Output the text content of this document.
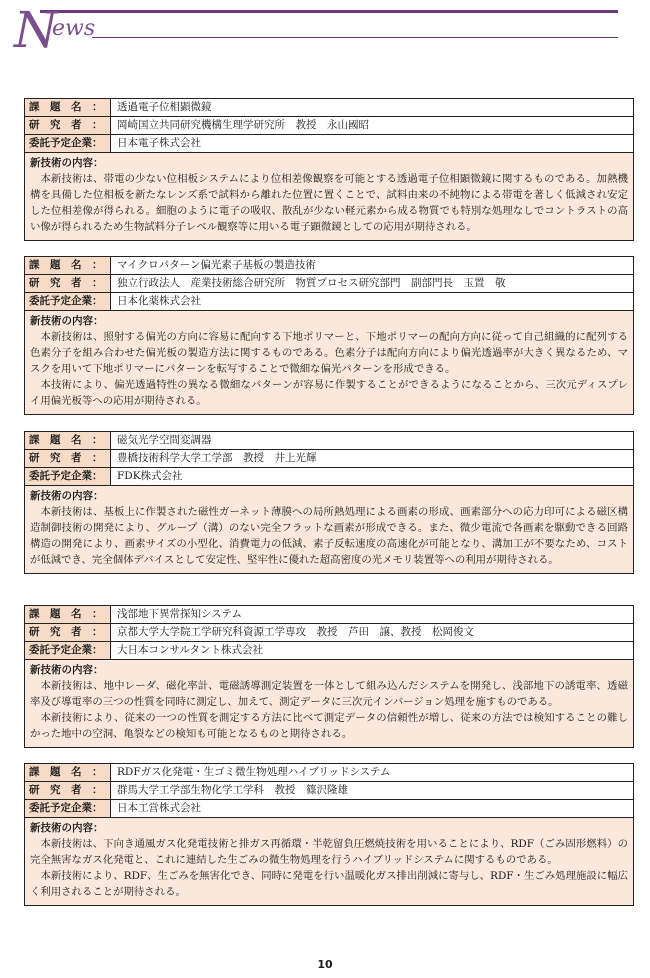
N
ews
課　題　名　：	透過電子位相顕微鏡
研　究　者　：	岡崎国立共同研究機構生理学研究所　教授　永山國昭
委託予定企業：	日本電子株式会社
新技術の内容：

本新技術は、帯電の少ない位相板システムにより位相差像観察を可能とする透過電子位相顕微鏡に関するものである。加熱機構を具備した位相板を新たなレンズ系で試料から離れた位置に置くことで、試料由来の不純物による帯電を著しく低減され安定した位相差像が得られる。細胞のように電子の吸収、散乱が少ない軽元素から成る物質でも特別な処理なしでコントラストの高い像が得られるため生物試料分子レベル観察等に用いる電子顕微鏡としての応用が期待される。

課　題　名　：	マイクロパターン偏光素子基板の製造技術
研　究　者　：	独立行政法人　産業技術総合研究所　物質プロセス研究部門　副部門長　玉置　敬
委託予定企業：	日本化薬株式会社
新技術の内容：

本新技術は、照射する偏光の方向に容易に配向する下地ポリマーと、下地ポリマーの配向方向に従って自己組織的に配列する色素分子を組み合わせた偏光板の製造方法に関するものである。色素分子は配向方向により偏光透過率が大きく異なるため、マスクを用いて下地ポリマーにパターンを転写することで微細な偏光パターンを形成できる。

本技術により、偏光透過特性の異なる微細なパターンが容易に作製することができるようになることから、三次元ディスプレイ用偏光板等への応用が期待される。

課　題　名　：	磁気光学空間変調器
研　究　者　：	豊橋技術科学大学工学部　教授　井上光輝
委託予定企業：	FDK株式会社
新技術の内容：

本新技術は、基板上に作製された磁性ガーネット薄膜への局所熱処理による画素の形成、画素部分への応力印可による磁区構造制御技術の開発により、グループ（溝）のない完全フラットな画素が形成できる。また、微少電流で各画素を駆動できる回路構造の開発により、画素サイズの小型化、消費電力の低減、素子反転速度の高速化が可能となり、溝加工が不要なため、コストが低減でき、完全個体デバイスとして安定性、堅牢性に優れた超高密度の光メモリ装置等への利用が期待される。

課　題　名　：	浅部地下異常探知システム
研　究　者　：	京都大学大学院工学研究科資源工学専攻　教授　芦田　譲、教授　松岡俊文
委託予定企業：	大日本コンサルタント株式会社
新技術の内容：

本新技術は、地中レーダ、磁化率計、電磁誘導測定装置を一体として組み込んだシステムを開発し、浅部地下の誘電率、透磁率及び導電率の三つの性質を同時に測定し、加えて、測定データに三次元インバージョン処理を施すものである。

本新技術により、従来の一つの性質を測定する方法に比べて測定データの信頼性が増し、従来の方法では検知することの難しかった地中の空洞、亀裂などの検知も可能となるものと期待される。

課　題　名　：	RDFガス化発電・生ゴミ微生物処理ハイブリッドシステム
研　究　者　：	群馬大学工学部生物化学工学科　教授　篠沢隆雄
委託予定企業：	日本工営株式会社
新技術の内容：

本新技術は、下向き通風ガス化発電技術と排ガス再循環・半乾留負圧燃焼技術を用いることにより、RDF（ごみ固形燃料）の完全無害なガス化発電と、これに連結した生ごみの微生物処理を行うハイブリッドシステムに関するものである。

本新技術により、RDF、生ごみを無害化でき、同時に発電を行い温暖化ガス排出削減に寄与し、RDF・生ごみ処理施設に幅広く利用されることが期待される。

10
